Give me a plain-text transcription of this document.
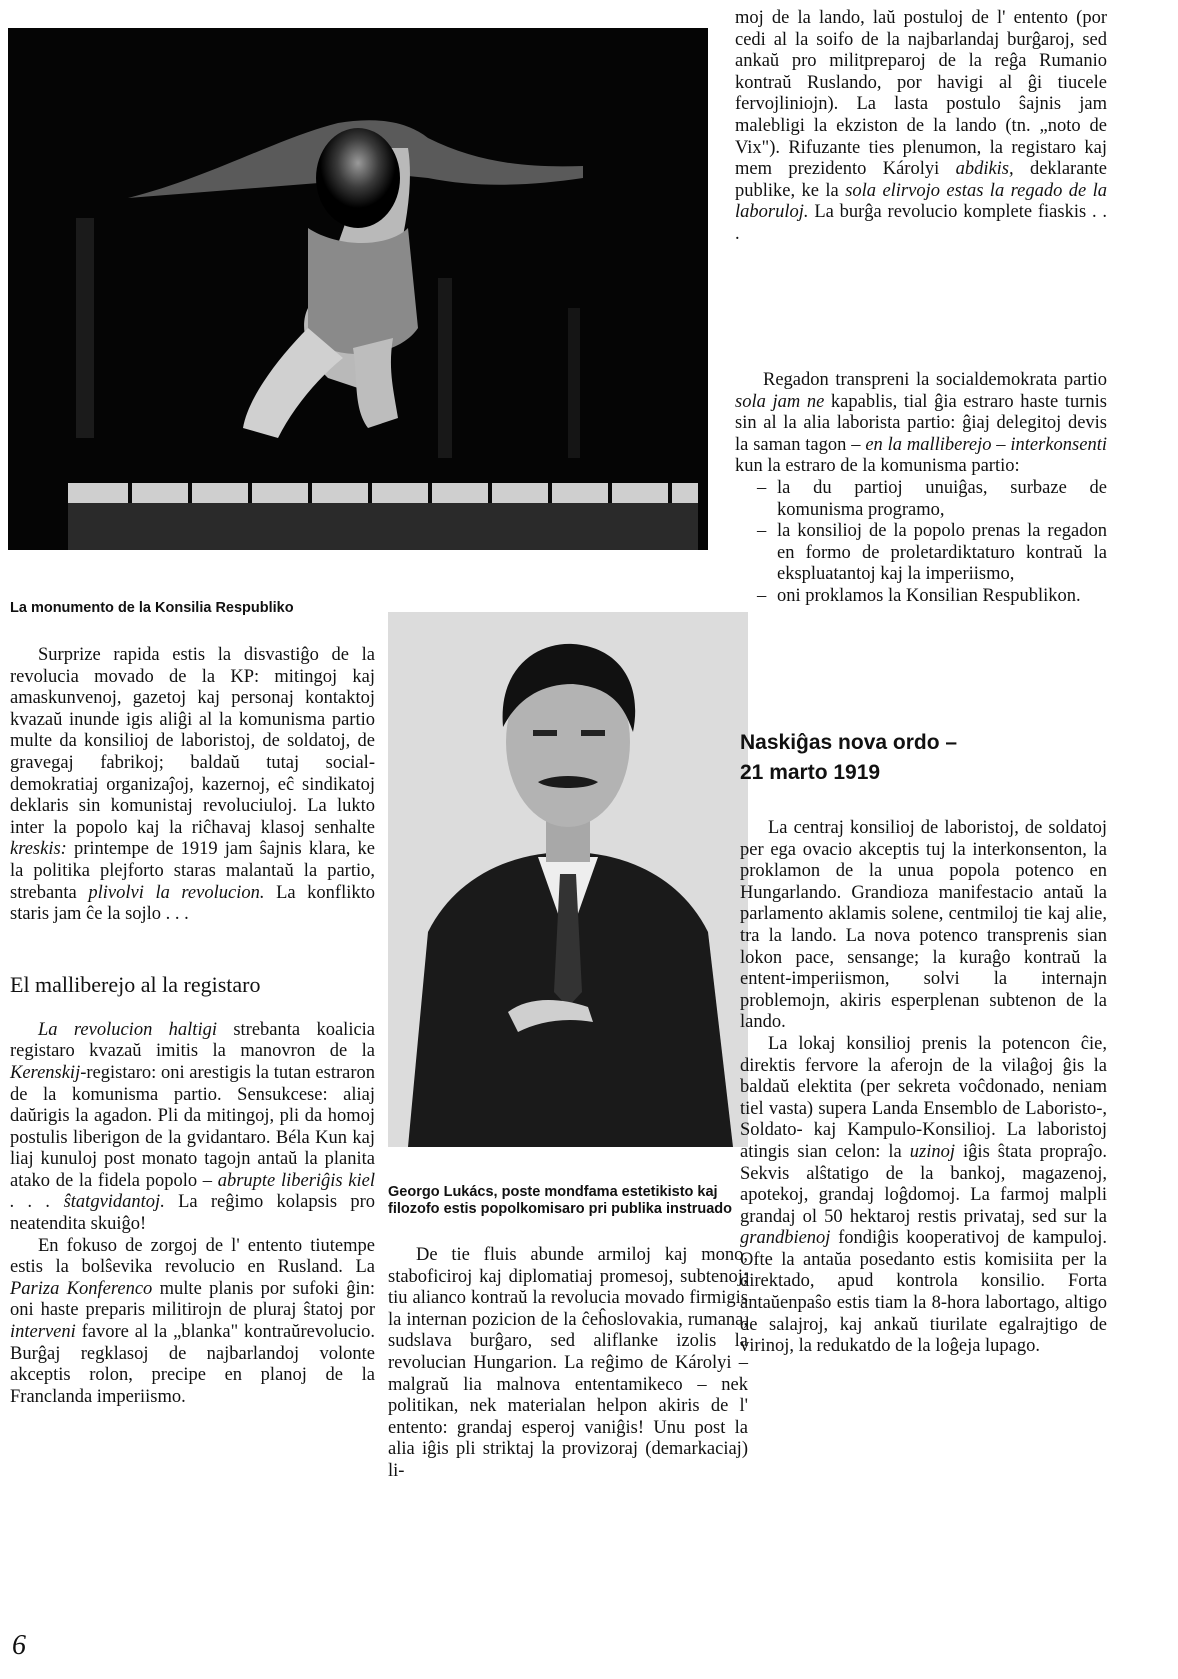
La monumento de la Konsilia Respubliko

Surprize rapida estis la disvastiĝo de la revolucia movado de la KP: mitingoj kaj amaskunvenoj, gazetoj kaj personaj kontaktoj kvazaŭ inunde igis aliĝi al la komunisma partio multe da konsilioj de laboristoj, de soldatoj, de gravegaj fabrikoj; baldaŭ tutaj social-demokratiaj organizaĵoj, kazernoj, eĉ sindikatoj deklaris sin komunistaj revoluciuloj. La lukto inter la popolo kaj la riĉhavaj klasoj senhalte kreskis: printempe de 1919 jam ŝajnis klara, ke la politika plejforto staras malantaŭ la partio, strebanta plivolvi la revolucion. La konflikto staris jam ĉe la sojlo . . .

El malliberejo al la registaro

La revolucion haltigi strebanta koalicia registaro kvazaŭ imitis la manovron de la Kerenskij-registaro: oni arestigis la tutan estraron de la komunisma partio. Sensukcese: aliaj daŭrigis la agadon. Pli da mitingoj, pli da homoj postulis liberigon de la gvidantaro. Béla Kun kaj liaj kunuloj post monato tagojn antaŭ la planita atako de la fidela popolo – abrupte liberiĝis kiel . . . ŝtatgvidantoj. La reĝimo kolapsis pro neatendita skuiĝo!

En fokuso de zorgoj de l' entento tiutempe estis la bolŝevika revolucio en Rusland. La Pariza Konferenco multe planis por sufoki ĝin: oni haste preparis militirojn de pluraj ŝtatoj por interveni favore al la „blanka" kontraŭrevolucio. Burĝaj regklasoj de najbarlandoj volonte akceptis rolon, precipe en planoj de la Franclanda imperiismo.

Georgo Lukács, poste mondfama estetikisto kaj filozofo estis popolkomisaro pri publika instruado

De tie fluis abunde armiloj kaj mono, staboficiroj kaj diplomatiaj promesoj, subtenoj; tiu alianco kontraŭ la revolucia movado firmigis la internan pozicion de la ĉeĥoslovakia, rumana, sudslava burĝaro, sed aliflanke izolis la revolucian Hungarion. La reĝimo de Károlyi – malgraŭ lia malnova ententamikeco – nek politikan, nek materialan helpon akiris de l' entento: grandaj esperoj vaniĝis! Unu post la alia iĝis pli striktaj la provizoraj (demarkaciaj) li-

moj de la lando, laŭ postuloj de l' entento (por cedi al la soifo de la najbarlandaj burĝaroj, sed ankaŭ pro militpreparoj de la reĝa Rumanio kontraŭ Ruslando, por havigi al ĝi tiucele fervojliniojn). La lasta postulo ŝajnis jam malebligi la ekziston de la lando (tn. „noto de Vix"). Rifuzante ties plenumon, la registaro kaj mem prezidento Károlyi abdikis, deklarante publike, ke la sola elirvojo estas la regado de la laboruloj. La burĝa revolucio komplete fiaskis . . .

Regadon transpreni la socialdemokrata partio sola jam ne kapablis, tial ĝia estraro haste turnis sin al la alia laborista partio: ĝiaj delegitoj devis la saman tagon – en la malliberejo – interkonsenti kun la estraro de la komunisma partio:

– la du partioj unuiĝas, surbaze de komunisma programo,
– la konsilioj de la popolo prenas la regadon en formo de proletardiktaturo kontraŭ la ekspluatantoj kaj la imperiismo,
– oni proklamos la Konsilian Respublikon.
Naskiĝas nova ordo –
21 marto 1919

La centraj konsilioj de laboristoj, de soldatoj per ega ovacio akceptis tuj la interkonsenton, la proklamon de la unua popola potenco en Hungarlando. Grandioza manifestacio antaŭ la parlamento aklamis solene, centmiloj tie kaj alie, tra la lando. La nova potenco transprenis sian lokon pace, sensange; la kuraĝo kontraŭ la entent-imperiismon, solvi la internajn problemojn, akiris esperplenan subtenon de la lando.

La lokaj konsilioj prenis la potencon ĉie, direktis fervore la aferojn de la vilaĝoj ĝis la baldaŭ elektita (per sekreta voĉdonado, neniam tiel vasta) supera Landa Ensemblo de Laboristo-, Soldato- kaj Kampulo-Konsilioj. La laboristoj atingis sian celon: la uzinoj iĝis ŝtata propraĵo. Sekvis alŝtatigo de la bankoj, magazenoj, apotekoj, grandaj loĝdomoj. La farmoj malpli grandaj ol 50 hektaroj restis privataj, sed sur la grandbienoj fondiĝis kooperativoj de kampuloj. Ofte la antaŭa posedanto estis komisiita per la direktado, apud kontrola konsilio. Forta antaŭenpaŝo estis tiam la 8-hora labortago, altigo de salajroj, kaj ankaŭ tiurilate egalrajtigo de virinoj, la redukatdo de la loĝeja lupago.

6
